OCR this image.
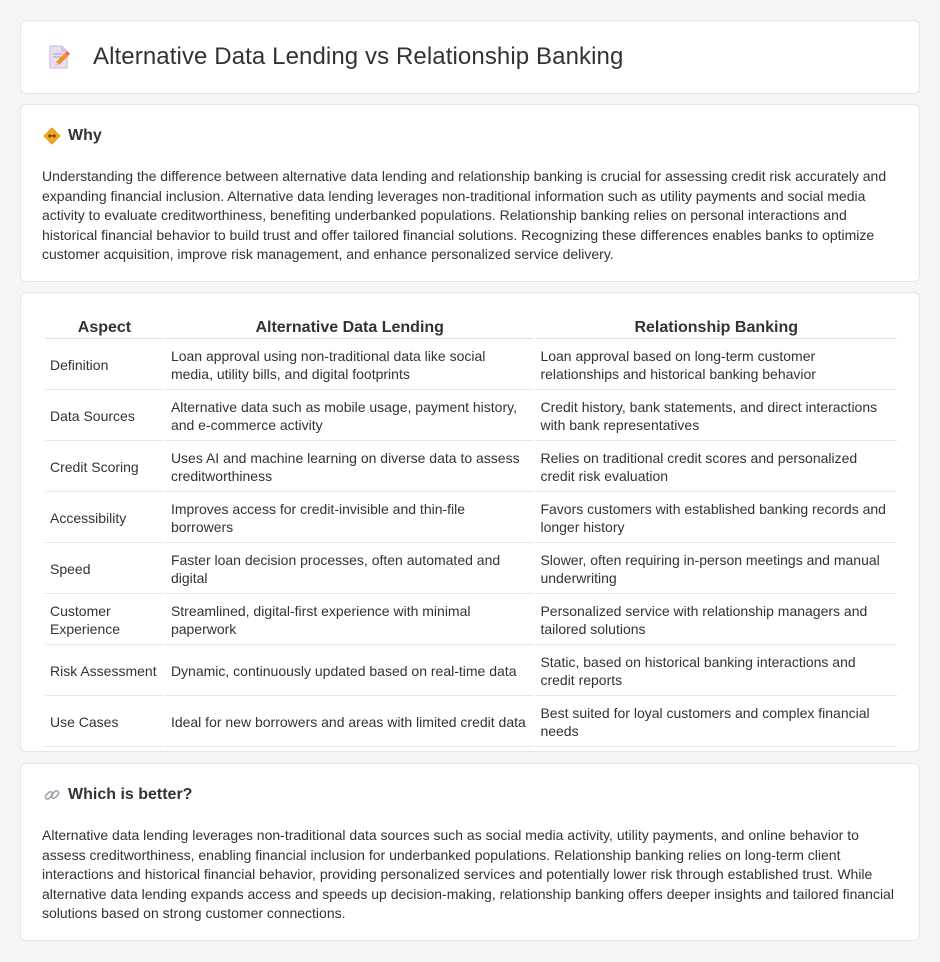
Alternative Data Lending vs Relationship Banking
Why

Understanding the difference between alternative data lending and relationship banking is crucial for assessing credit risk accurately and expanding financial inclusion. Alternative data lending leverages non-traditional information such as utility payments and social media activity to evaluate creditworthiness, benefiting underbanked populations. Relationship banking relies on personal interactions and historical financial behavior to build trust and offer tailored financial solutions. Recognizing these differences enables banks to optimize customer acquisition, improve risk management, and enhance personalized service delivery.

Aspect	Alternative Data Lending	Relationship Banking
Definition	Loan approval using non-traditional data like social media, utility bills, and digital footprints	Loan approval based on long-term customer relationships and historical banking behavior
Data Sources	Alternative data such as mobile usage, payment history, and e-commerce activity	Credit history, bank statements, and direct interactions with bank representatives
Credit Scoring	Uses AI and machine learning on diverse data to assess creditworthiness	Relies on traditional credit scores and personalized credit risk evaluation
Accessibility	Improves access for credit-invisible and thin-file borrowers	Favors customers with established banking records and longer history
Speed	Faster loan decision processes, often automated and digital	Slower, often requiring in-person meetings and manual underwriting
Customer Experience	Streamlined, digital-first experience with minimal paperwork	Personalized service with relationship managers and tailored solutions
Risk Assessment	Dynamic, continuously updated based on real-time data	Static, based on historical banking interactions and credit reports
Use Cases	Ideal for new borrowers and areas with limited credit data	Best suited for loyal customers and complex financial needs
Which is better?

Alternative data lending leverages non-traditional data sources such as social media activity, utility payments, and online behavior to assess creditworthiness, enabling financial inclusion for underbanked populations. Relationship banking relies on long-term client interactions and historical financial behavior, providing personalized services and potentially lower risk through established trust. While alternative data lending expands access and speeds up decision-making, relationship banking offers deeper insights and tailored financial solutions based on strong customer connections.
